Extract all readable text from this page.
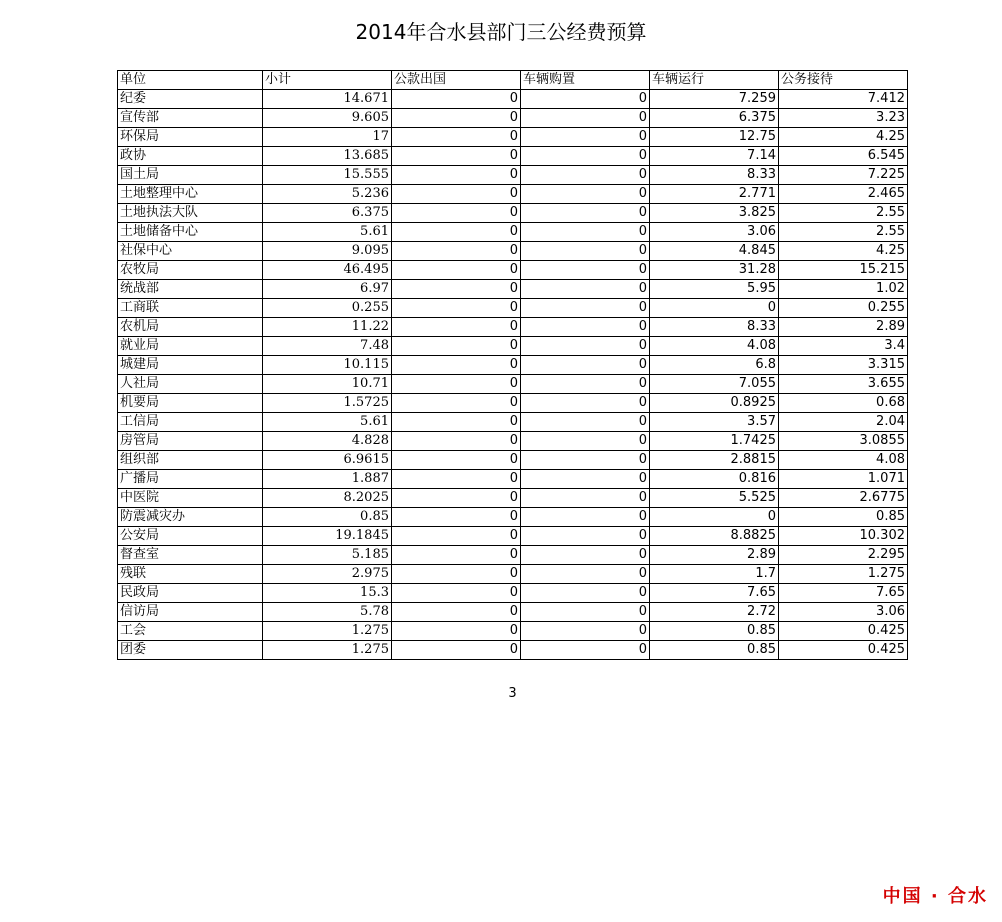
2014年合水县部门三公经费预算
单位	小计	公款出国	车辆购置	车辆运行	公务接待
纪委	14.671	0	0	7.259	7.412
宣传部	9.605	0	0	6.375	3.23
环保局	17	0	0	12.75	4.25
政协	13.685	0	0	7.14	6.545
国土局	15.555	0	0	8.33	7.225
土地整理中心	5.236	0	0	2.771	2.465
土地执法大队	6.375	0	0	3.825	2.55
土地储备中心	5.61	0	0	3.06	2.55
社保中心	9.095	0	0	4.845	4.25
农牧局	46.495	0	0	31.28	15.215
统战部	6.97	0	0	5.95	1.02
工商联	0.255	0	0	0	0.255
农机局	11.22	0	0	8.33	2.89
就业局	7.48	0	0	4.08	3.4
城建局	10.115	0	0	6.8	3.315
人社局	10.71	0	0	7.055	3.655
机要局	1.5725	0	0	0.8925	0.68
工信局	5.61	0	0	3.57	2.04
房管局	4.828	0	0	1.7425	3.0855
组织部	6.9615	0	0	2.8815	4.08
广播局	1.887	0	0	0.816	1.071
中医院	8.2025	0	0	5.525	2.6775
防震减灾办	0.85	0	0	0	0.85
公安局	19.1845	0	0	8.8825	10.302
督查室	5.185	0	0	2.89	2.295
残联	2.975	0	0	1.7	1.275
民政局	15.3	0	0	7.65	7.65
信访局	5.78	0	0	2.72	3.06
工会	1.275	0	0	0.85	0.425
团委	1.275	0	0	0.85	0.425
3
中国 · 合水
